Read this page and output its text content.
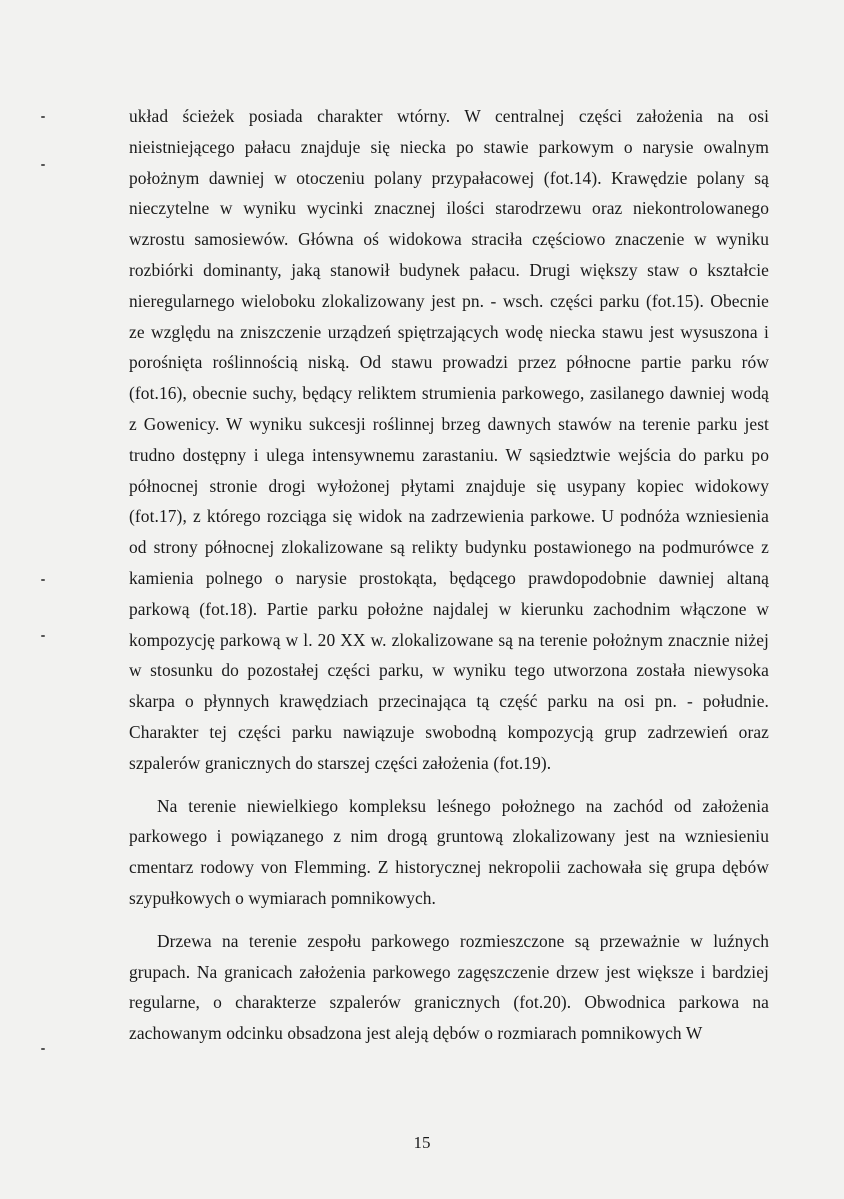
układ ścieżek posiada charakter wtórny. W centralnej części założenia na osi nieistniejącego pałacu znajduje się niecka po stawie parkowym o narysie owalnym położnym dawniej w otoczeniu polany przypałacowej (fot.14). Krawędzie polany są nieczytelne w wyniku wycinki znacznej ilości starodrzewu oraz niekontrolowanego wzrostu samosiewów. Główna oś widokowa straciła częściowo znaczenie w wyniku rozbiórki dominanty, jaką stanowił budynek pałacu. Drugi większy staw o kształcie nieregularnego wieloboku zlokalizowany jest pn. - wsch. części parku (fot.15). Obecnie ze względu na zniszczenie urządzeń spiętrzających wodę niecka stawu jest wysuszona i porośnięta roślinnością niską. Od stawu prowadzi przez północne partie parku rów (fot.16), obecnie suchy, będący reliktem strumienia parkowego, zasilanego dawniej wodą z Gowenicy. W wyniku sukcesji roślinnej brzeg dawnych stawów na terenie parku jest trudno dostępny i ulega intensywnemu zarastaniu. W sąsiedztwie wejścia do parku po północnej stronie drogi wyłożonej płytami znajduje się usypany kopiec widokowy (fot.17), z którego rozciąga się widok na zadrzewienia parkowe. U podnóża wzniesienia od strony północnej zlokalizowane są relikty budynku postawionego na podmurówce z kamienia polnego o narysie prostokąta, będącego prawdopodobnie dawniej altaną parkową (fot.18). Partie parku położne najdalej w kierunku zachodnim włączone w kompozycję parkową w l. 20 XX w. zlokalizowane są na terenie położnym znacznie niżej w stosunku do pozostałej części parku, w wyniku tego utworzona została niewysoka skarpa o płynnych krawędziach przecinająca tą część parku na osi pn. - południe. Charakter tej części parku nawiązuje swobodną kompozycją grup zadrzewień oraz szpalerów granicznych do starszej części założenia (fot.19).

Na terenie niewielkiego kompleksu leśnego położnego na zachód od założenia parkowego i powiązanego z nim drogą gruntową zlokalizowany jest na wzniesieniu cmentarz rodowy von Flemming. Z historycznej nekropolii zachowała się grupa dębów szypułkowych o wymiarach pomnikowych.

Drzewa na terenie zespołu parkowego rozmieszczone są przeważnie w luźnych grupach. Na granicach założenia parkowego zagęszczenie drzew jest większe i bardziej regularne, o charakterze szpalerów granicznych (fot.20). Obwodnica parkowa na zachowanym odcinku obsadzona jest aleją dębów o rozmiarach pomnikowych W

15
